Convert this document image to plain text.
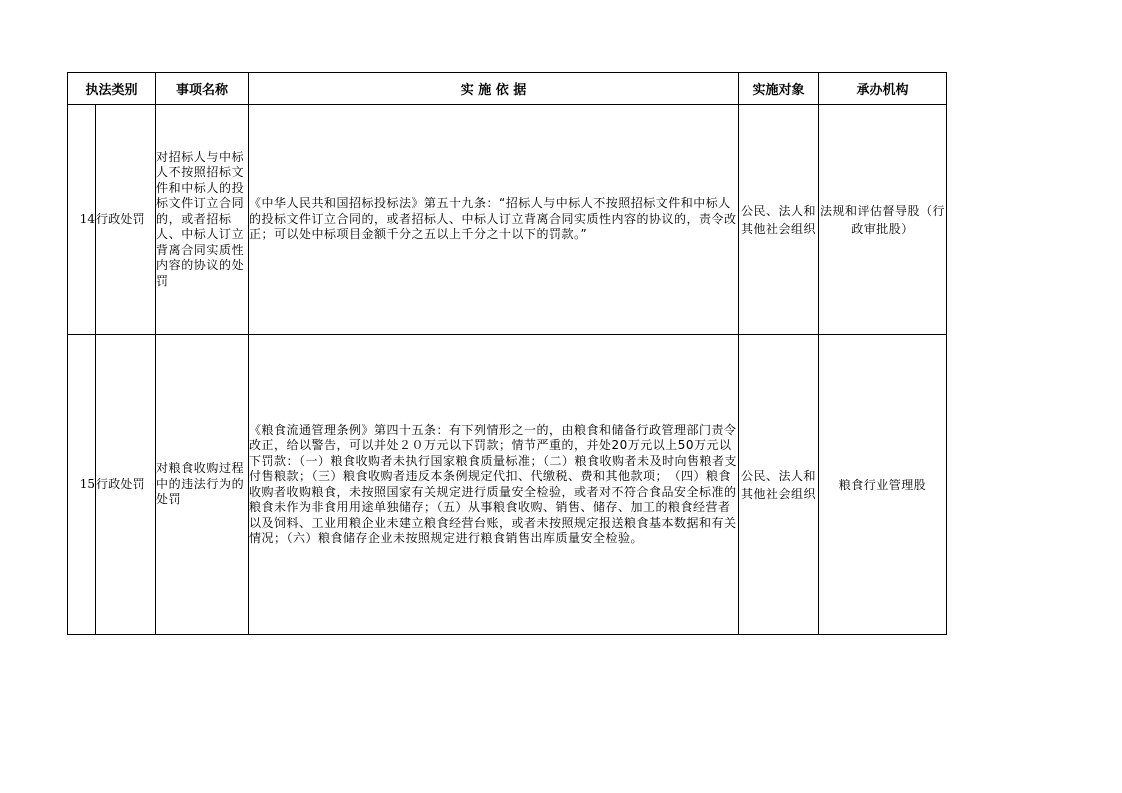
执法类别		事项名称	实 施 依 据	实施对象	承办机构
14	行政处罚	对招标人与中标人不按照招标文件和中标人的投标文件订立合同的，或者招标人、中标人订立背离合同实质性内容的协议的处罚	《中华人民共和国招标投标法》第五十九条：“招标人与中标人不按照招标文件和中标人的投标文件订立合同的，或者招标人、中标人订立背离合同实质性内容的协议的，责令改正；可以处中标项目金额千分之五以上千分之十以下的罚款。”	公民、法人和其他社会组织	法规和评估督导股（行政审批股）
15	行政处罚	对粮食收购过程中的违法行为的处罚	《粮食流通管理条例》第四十五条：有下列情形之一的，由粮食和储备行政管理部门责令改正，给以警告，可以并处２０万元以下罚款；情节严重的，并处20万元以上50万元以下罚款：（一）粮食收购者未执行国家粮食质量标准；（二）粮食收购者未及时向售粮者支付售粮款；（三）粮食收购者违反本条例规定代扣、代缴税、费和其他款项；　（四）粮食收购者收购粮食，未按照国家有关规定进行质量安全检验，或者对不符合食品安全标准的粮食未作为非食用用途单独储存；（五）从事粮食收购、销售、储存、加工的粮食经营者以及饲料、工业用粮企业未建立粮食经营台账，或者未按照规定报送粮食基本数据和有关情况；（六）粮食储存企业未按照规定进行粮食销售出库质量安全检验。	公民、法人和其他社会组织	粮食行业管理股
